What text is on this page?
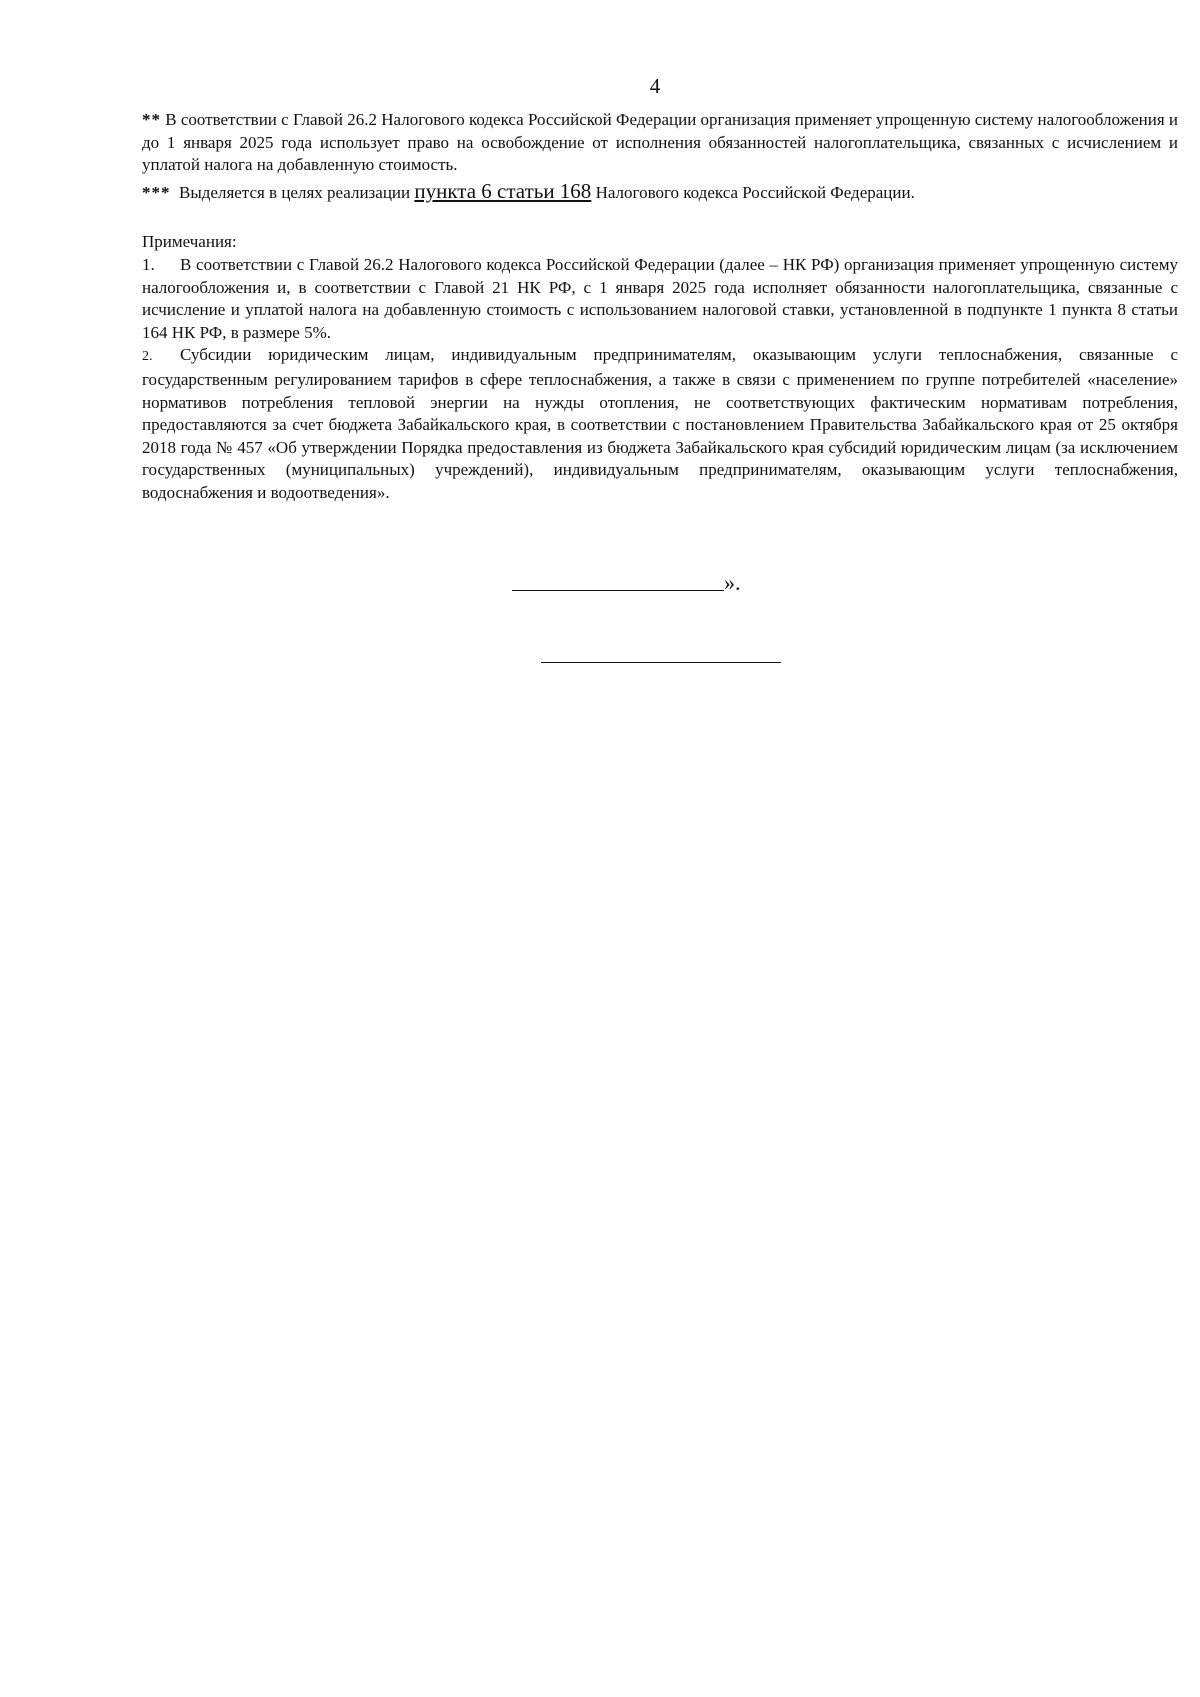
4

** В соответствии с Главой 26.2 Налогового кодекса Российской Федерации организация применяет упрощенную систему налогообложения и до 1 января 2025 года использует право на освобождение от исполнения обязанностей налогоплательщика, связанных с исчислением и уплатой налога на добавленную стоимость.

*** Выделяется в целях реализации пункта 6 статьи 168 Налогового кодекса Российской Федерации.

Примечания:

1. В соответствии с Главой 26.2 Налогового кодекса Российской Федерации (далее – НК РФ) организация применяет упрощенную систему налогообложения и, в соответствии с Главой 21 НК РФ, с 1 января 2025 года исполняет обязанности налогоплательщика, связанные с исчисление и уплатой налога на добавленную стоимость с использованием налоговой ставки, установленной в подпункте 1 пункта 8 статьи 164 НК РФ, в размере 5%.

2. Субсидии юридическим лицам, индивидуальным предпринимателям, оказывающим услуги теплоснабжения, связанные с государственным регулированием тарифов в сфере теплоснабжения, а также в связи с применением по группе потребителей «население» нормативов потребления тепловой энергии на нужды отопления, не соответствующих фактическим нормативам потребления, предоставляются за счет бюджета Забайкальского края, в соответствии с постановлением Правительства Забайкальского края от 25 октября 2018 года № 457 «Об утверждении Порядка предоставления из бюджета Забайкальского края субсидий юридическим лицам (за исключением государственных (муниципальных) учреждений), индивидуальным предпринимателям, оказывающим услуги теплоснабжения, водоснабжения и водоотведения».

».
